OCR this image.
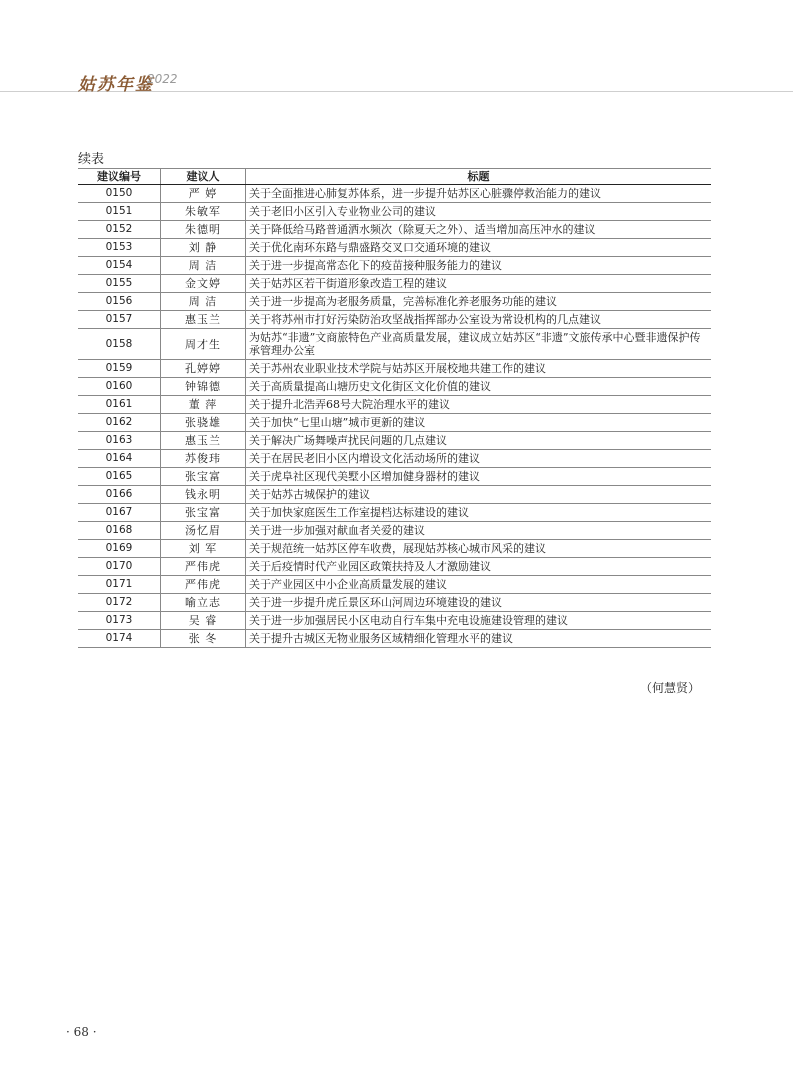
姑苏年鉴
2022
续表
建议编号	建议人	标题
0150	严 婷	关于全面推进心肺复苏体系，进一步提升姑苏区心脏骤停救治能力的建议
0151	朱敏军	关于老旧小区引入专业物业公司的建议
0152	朱德明	关于降低给马路普通洒水频次（除夏天之外）、适当增加高压冲水的建议
0153	刘 静	关于优化南环东路与鼎盛路交叉口交通环境的建议
0154	周 洁	关于进一步提高常态化下的疫苗接种服务能力的建议
0155	金文婷	关于姑苏区若干街道形象改造工程的建议
0156	周 洁	关于进一步提高为老服务质量，完善标准化养老服务功能的建议
0157	惠玉兰	关于将苏州市打好污染防治攻坚战指挥部办公室设为常设机构的几点建议
0158	周才生	为姑苏“非遗”文商旅特色产业高质量发展，建议成立姑苏区“非遗”文旅传承中心暨非遗保护传承管理办公室
0159	孔婷婷	关于苏州农业职业技术学院与姑苏区开展校地共建工作的建议
0160	钟锦德	关于高质量提高山塘历史文化街区文化价值的建议
0161	董 萍	关于提升北浩弄68号大院治理水平的建议
0162	张骁雄	关于加快“七里山塘”城市更新的建议
0163	惠玉兰	关于解决广场舞噪声扰民问题的几点建议
0164	苏俊玮	关于在居民老旧小区内增设文化活动场所的建议
0165	张宝富	关于虎阜社区现代美墅小区增加健身器材的建议
0166	钱永明	关于姑苏古城保护的建议
0167	张宝富	关于加快家庭医生工作室提档达标建设的建议
0168	汤忆眉	关于进一步加强对献血者关爱的建议
0169	刘 军	关于规范统一姑苏区停车收费，展现姑苏核心城市风采的建议
0170	严伟虎	关于后疫情时代产业园区政策扶持及人才激励建议
0171	严伟虎	关于产业园区中小企业高质量发展的建议
0172	喻立志	关于进一步提升虎丘景区环山河周边环境建设的建议
0173	吴 睿	关于进一步加强居民小区电动自行车集中充电设施建设管理的建议
0174	张 冬	关于提升古城区无物业服务区域精细化管理水平的建议
（何慧贤）
· 68 ·
